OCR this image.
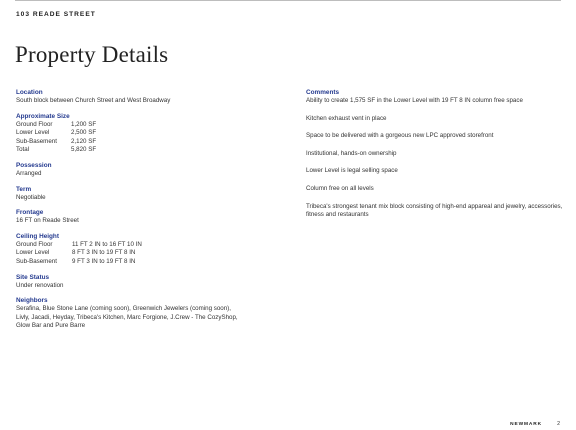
103 READE STREET
Property Details
Location
South block between Church Street and West Broadway
Approximate Size
Ground Floor	1,200 SF
Lower Level	2,500 SF
Sub-Basement	2,120 SF
Total	5,820 SF
Possession
Arranged
Term
Negotiable
Frontage
16 FT on Reade Street
Ceiling Height
Ground Floor	11 FT 2 IN to 16 FT 10 IN
Lower Level	8 FT 3 IN to 19 FT 8 IN
Sub-Basement	9 FT 3 IN to 19 FT 8 IN
Site Status
Under renovation
Neighbors
Serafina, Blue Stone Lane (coming soon), Greenwich Jewelers (coming soon),
Livly, Jacadi, Heyday, Tribeca's Kitchen, Marc Forgione, J.Crew - The CozyShop,
Glow Bar and Pure Barre
Comments
Ability to create 1,575 SF in the Lower Level with 19 FT 8 IN column free space
Kitchen exhaust vent in place
Space to be delivered with a gorgeous new LPC approved storefront
Institutional, hands-on ownership
Lower Level is legal selling space
Column free on all levels
Tribeca's strongest tenant mix block consisting of high-end appareal and jewelry, accessories, fitness and restaurants
NEWMARK	2
